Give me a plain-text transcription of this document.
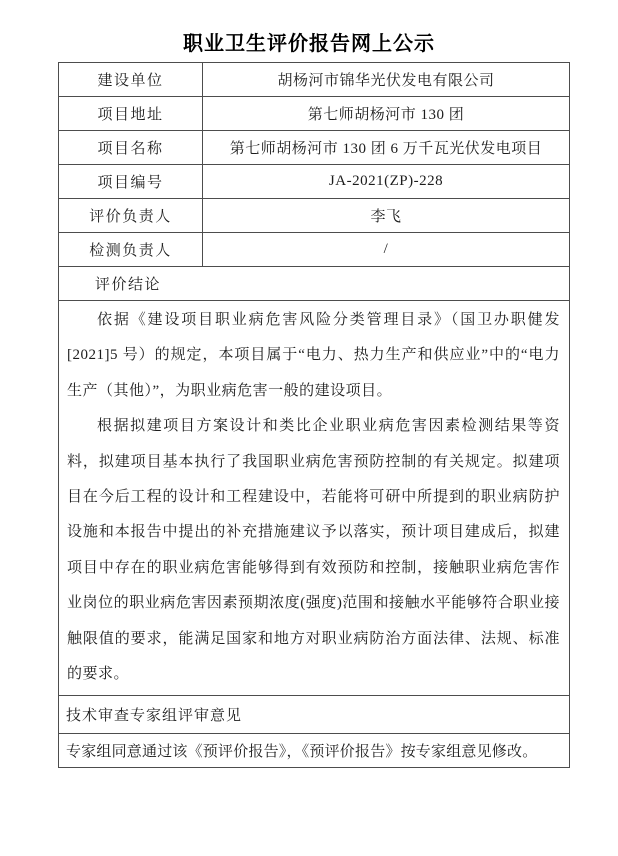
职业卫生评价报告网上公示
建设单位	胡杨河市锦华光伏发电有限公司
项目地址	第七师胡杨河市 130 团
项目名称	第七师胡杨河市 130 团 6 万千瓦光伏发电项目
项目编号	JA-2021(ZP)-228
评价负责人	李飞
检测负责人	/
评价结论	

依据《建设项目职业病危害风险分类管理目录》（国卫办职健发[2021]5 号）的规定，本项目属于“电力、热力生产和供应业”中的“电力生产（其他）”，为职业病危害一般的建设项目。

根据拟建项目方案设计和类比企业职业病危害因素检测结果等资料，拟建项目基本执行了我国职业病危害预防控制的有关规定。拟建项目在今后工程的设计和工程建设中，若能将可研中所提到的职业病防护设施和本报告中提出的补充措施建议予以落实，预计项目建成后，拟建项目中存在的职业病危害能够得到有效预防和控制，接触职业病危害作业岗位的职业病危害因素预期浓度(强度)范围和接触水平能够符合职业接触限值的要求，能满足国家和地方对职业病防治方面法律、法规、标准的要求。	

技术审查专家组评审意见	
专家组同意通过该《预评价报告》，《预评价报告》按专家组意见修改。	
